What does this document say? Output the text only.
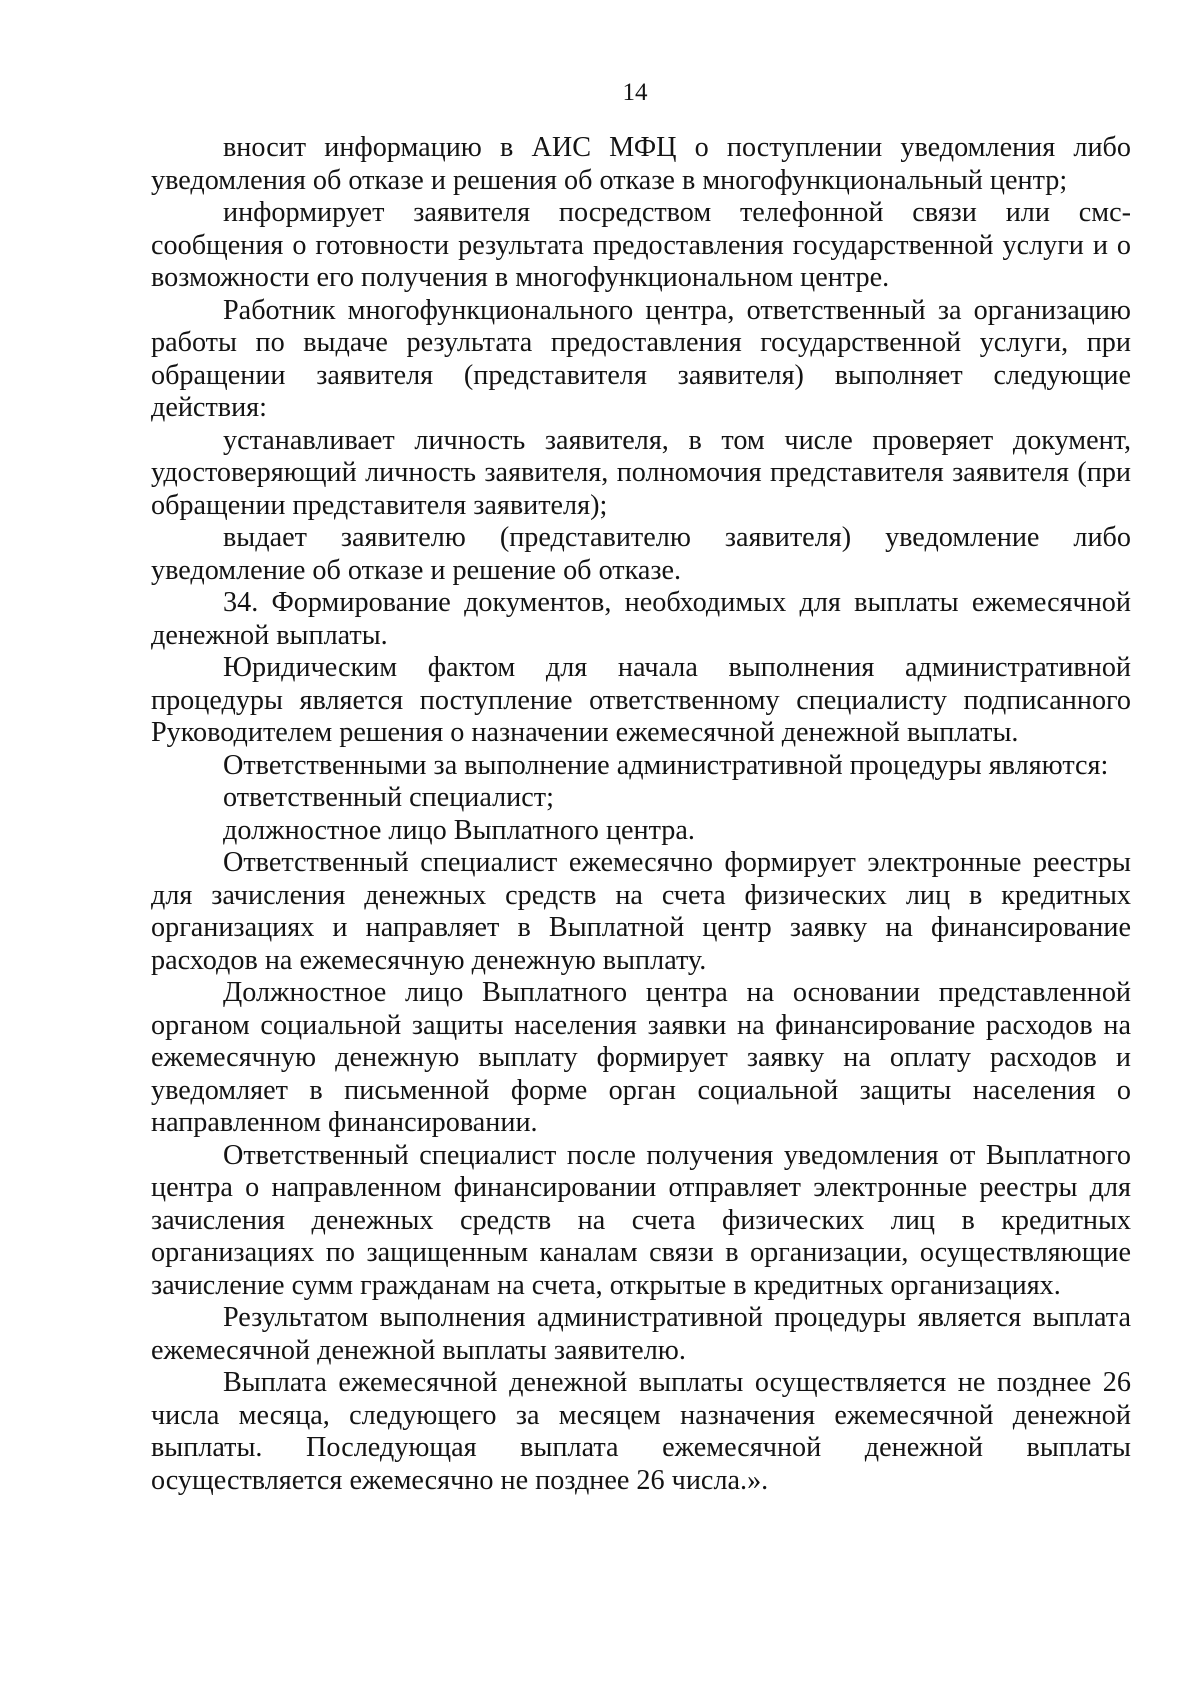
14

вносит информацию в АИС МФЦ о поступлении уведомления либо уведомления об отказе и решения об отказе в многофункциональный центр;

информирует заявителя посредством телефонной связи или смс-сообщения о готовности результата предоставления государственной услуги и о возможности его получения в многофункциональном центре.

Работник многофункционального центра, ответственный за организацию работы по выдаче результата предоставления государственной услуги, при обращении заявителя (представителя заявителя) выполняет следующие действия:

устанавливает личность заявителя, в том числе проверяет документ, удостоверяющий личность заявителя, полномочия представителя заявителя (при обращении представителя заявителя);

выдает заявителю (представителю заявителя) уведомление либо уведомление об отказе и решение об отказе.

34. Формирование документов, необходимых для выплаты ежемесячной денежной выплаты.

Юридическим фактом для начала выполнения административной процедуры является поступление ответственному специалисту подписанного Руководителем решения о назначении ежемесячной денежной выплаты.

Ответственными за выполнение административной процедуры являются:

ответственный специалист;

должностное лицо Выплатного центра.

Ответственный специалист ежемесячно формирует электронные реестры для зачисления денежных средств на счета физических лиц в кредитных организациях и направляет в Выплатной центр заявку на финансирование расходов на ежемесячную денежную выплату.

Должностное лицо Выплатного центра на основании представленной органом социальной защиты населения заявки на финансирование расходов на ежемесячную денежную выплату формирует заявку на оплату расходов и уведомляет в письменной форме орган социальной защиты населения о направленном финансировании.

Ответственный специалист после получения уведомления от Выплатного центра о направленном финансировании отправляет электронные реестры для зачисления денежных средств на счета физических лиц в кредитных организациях по защищенным каналам связи в организации, осуществляющие зачисление сумм гражданам на счета, открытые в кредитных организациях.

Результатом выполнения административной процедуры является выплата ежемесячной денежной выплаты заявителю.

Выплата ежемесячной денежной выплаты осуществляется не позднее 26 числа месяца, следующего за месяцем назначения ежемесячной денежной выплаты. Последующая выплата ежемесячной денежной выплаты осуществляется ежемесячно не позднее 26 числа.».
